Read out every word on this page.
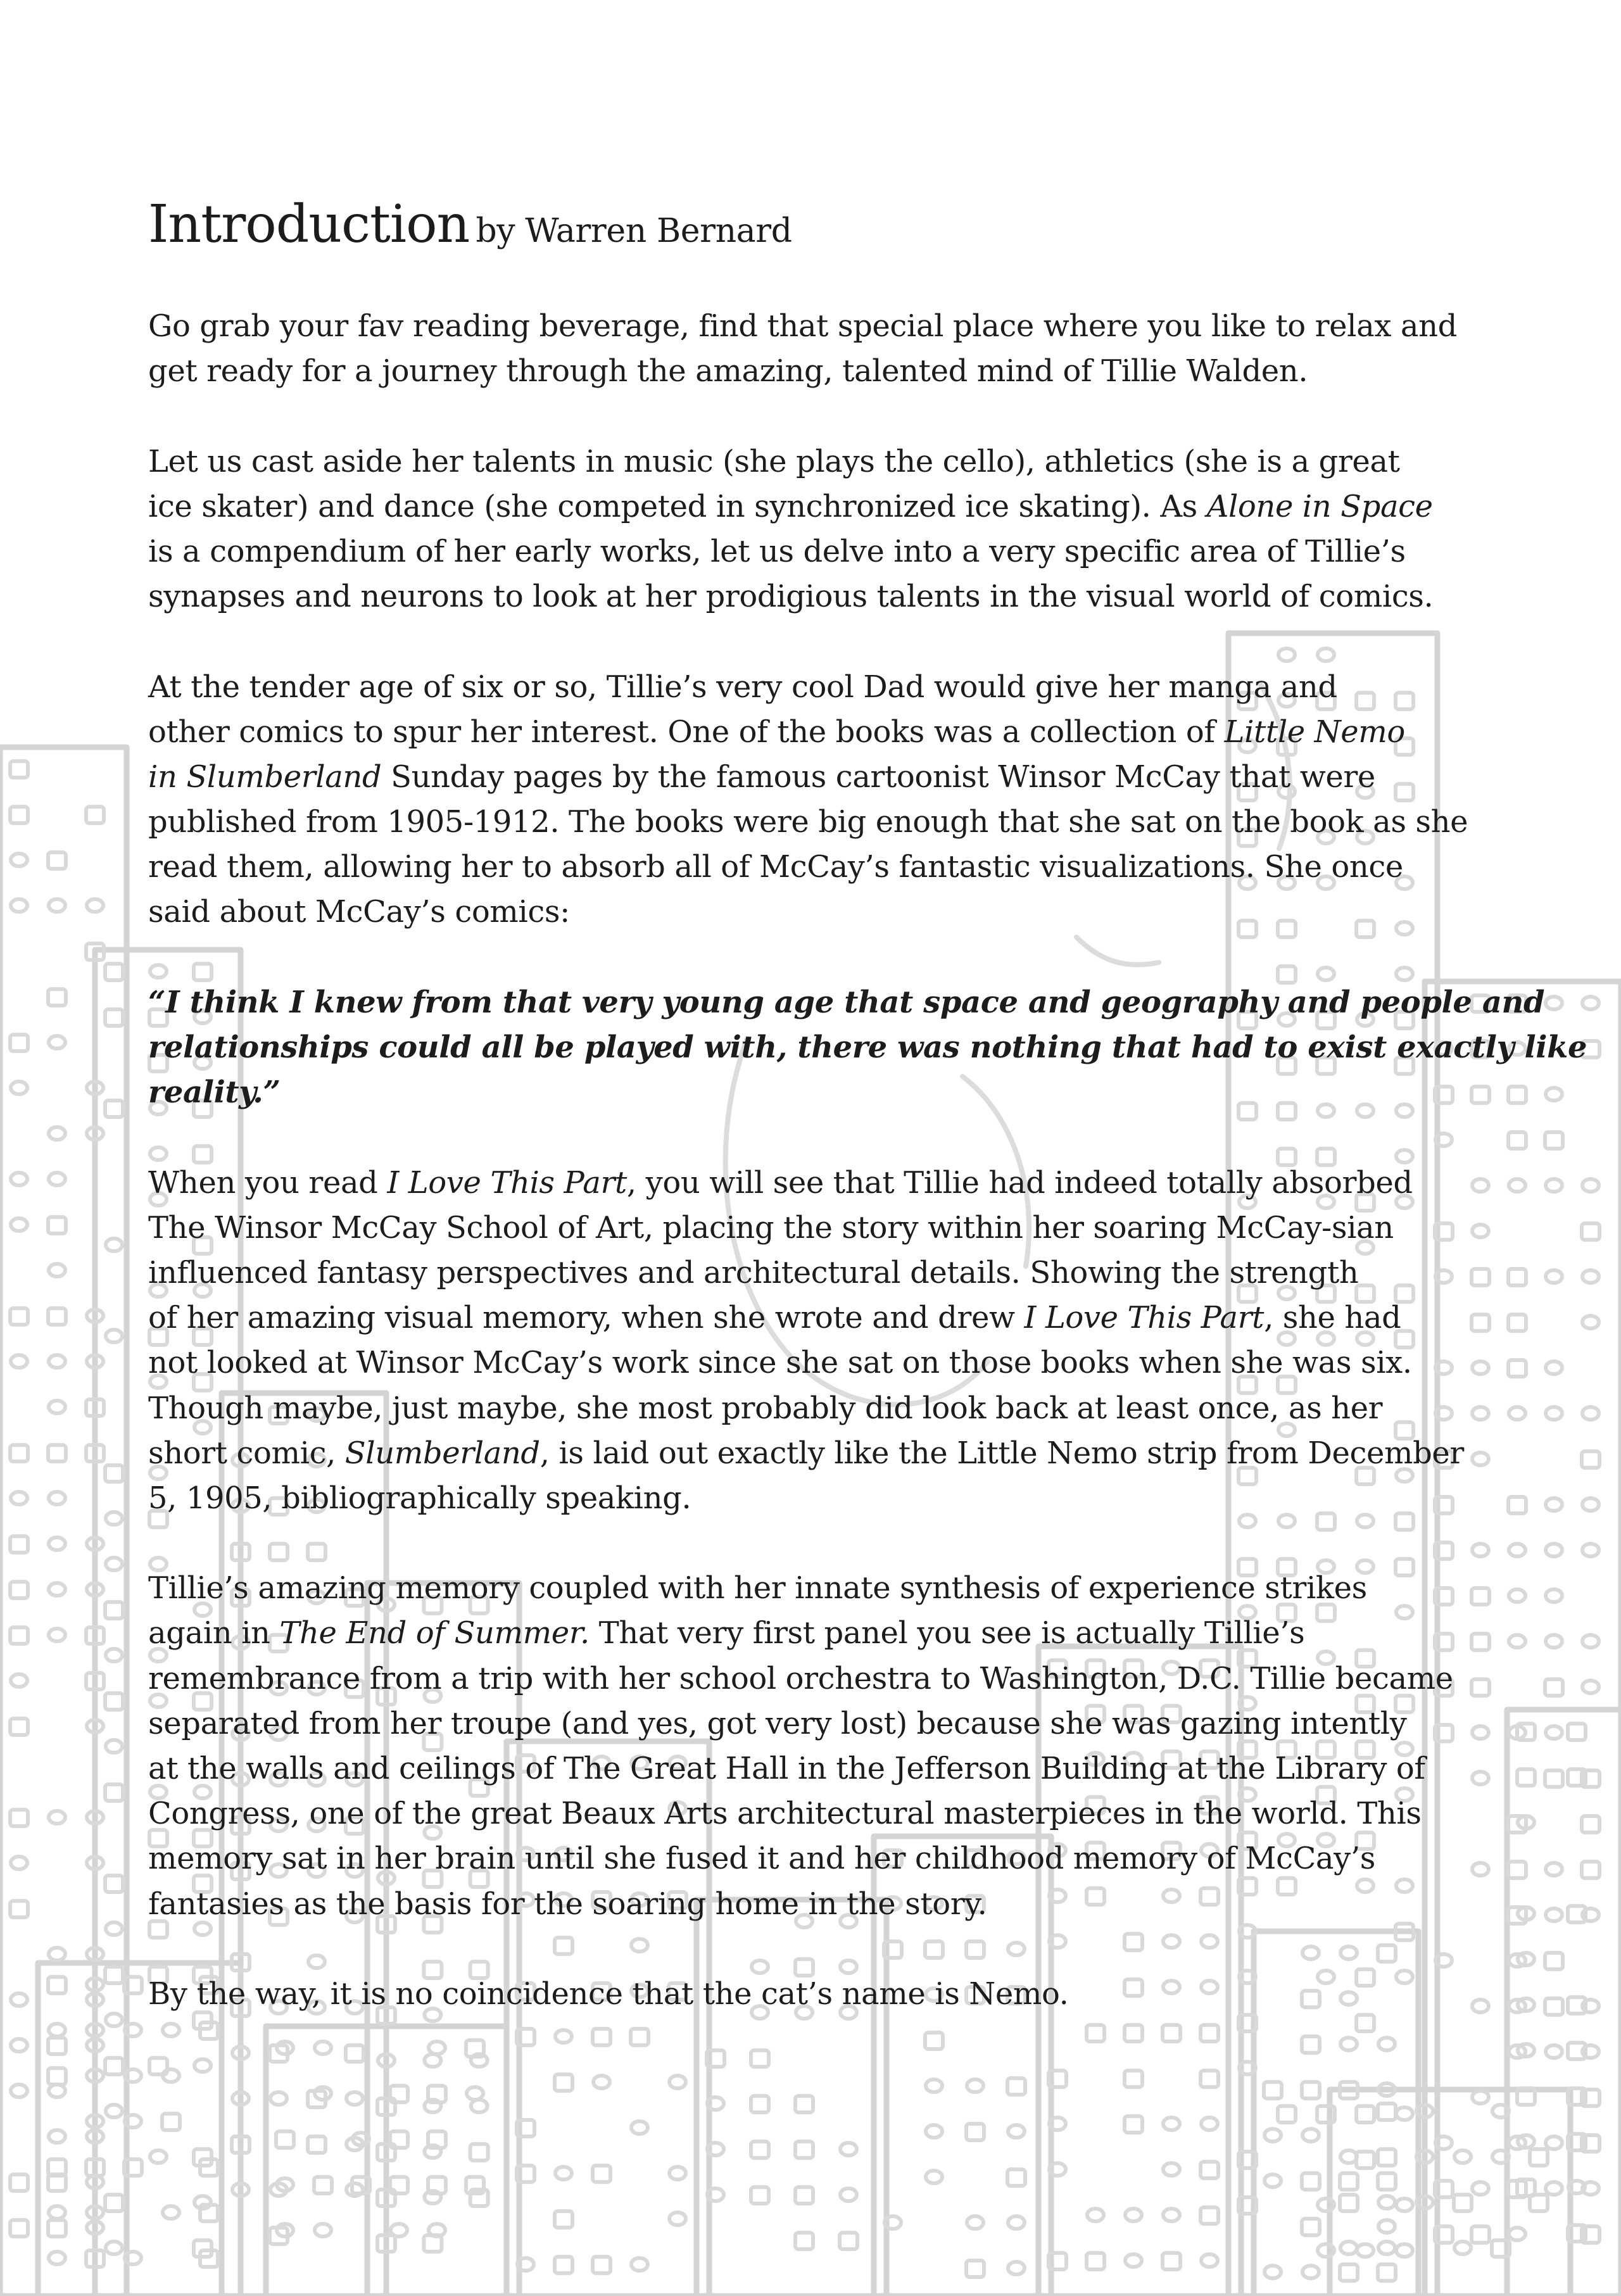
Introduction by Warren Bernard
Go grab your fav reading beverage, find that special place where you like to relax and
get ready for a journey through the amazing, talented mind of Tillie Walden.
Let us cast aside her talents in music (she plays the cello), athletics (she is a great
ice skater) and dance (she competed in synchronized ice skating). As Alone in Space
is a compendium of her early works, let us delve into a very specific area of Tillie’s
synapses and neurons to look at her prodigious talents in the visual world of comics.
At the tender age of six or so, Tillie’s very cool Dad would give her manga and
other comics to spur her interest. One of the books was a collection of Little Nemo
in Slumberland Sunday pages by the famous cartoonist Winsor McCay that were
published from 1905-1912. The books were big enough that she sat on the book as she
read them, allowing her to absorb all of McCay’s fantastic visualizations. She once
said about McCay’s comics:
“I think I knew from that very young age that space and geography and people and
relationships could all be played with, there was nothing that had to exist exactly like
reality.”
When you read I Love This Part, you will see that Tillie had indeed totally absorbed
The Winsor McCay School of Art, placing the story within her soaring McCay-sian
influenced fantasy perspectives and architectural details. Showing the strength
of her amazing visual memory, when she wrote and drew I Love This Part, she had
not looked at Winsor McCay’s work since she sat on those books when she was six.
Though maybe, just maybe, she most probably did look back at least once, as her
short comic, Slumberland, is laid out exactly like the Little Nemo strip from December
5, 1905, bibliographically speaking.
Tillie’s amazing memory coupled with her innate synthesis of experience strikes
again in The End of Summer. That very first panel you see is actually Tillie’s
remembrance from a trip with her school orchestra to Washington, D.C. Tillie became
separated from her troupe (and yes, got very lost) because she was gazing intently
at the walls and ceilings of The Great Hall in the Jefferson Building at the Library of
Congress, one of the great Beaux Arts architectural masterpieces in the world. This
memory sat in her brain until she fused it and her childhood memory of McCay’s
fantasies as the basis for the soaring home in the story.
By the way, it is no coincidence that the cat’s name is Nemo.
